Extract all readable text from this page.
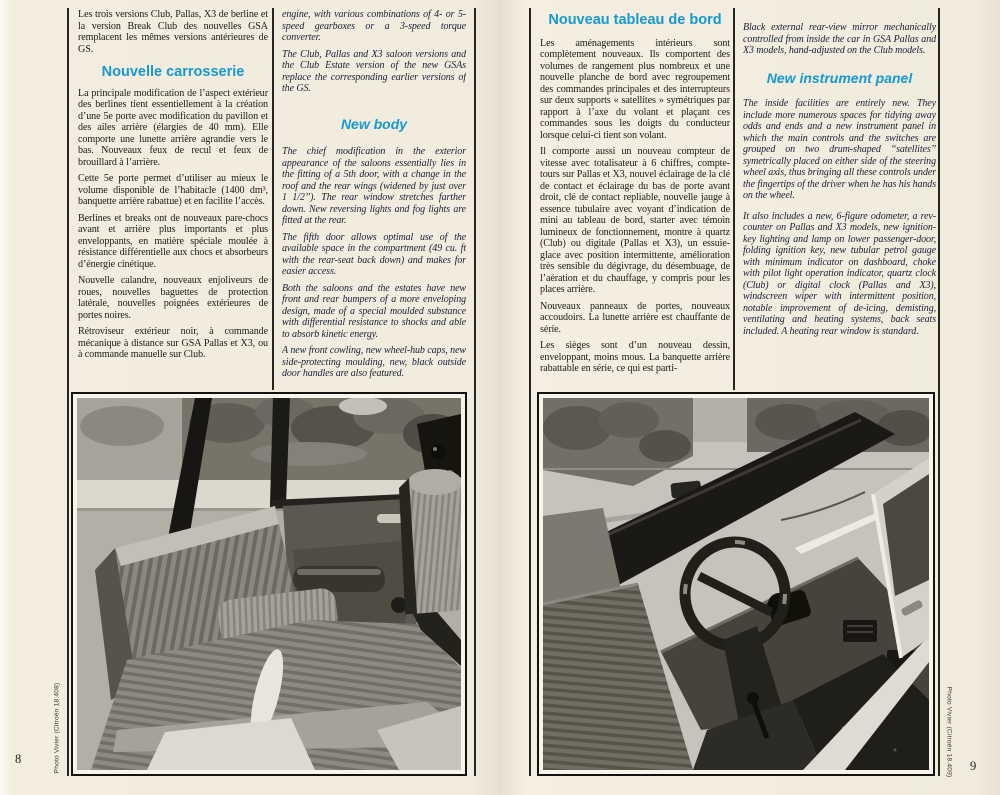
Les trois versions Club, Pallas, X3 de berline et la version Break Club des nouvelles GSA remplacent les mêmes versions antérieures de GS.

Nouvelle carrosserie

La principale modification de l’aspect extérieur des berlines tient essentiellement à la création d’une 5e porte avec modification du pavillon et des ailes arrière (élargies de 40 mm). Elle comporte une lunette arrière agrandie vers le bas. Nouveaux feux de recul et feux de brouillard à l’arrière.

Cette 5e porte permet d’utiliser au mieux le volume disponible de l’habitacle (1400 dm³, banquette arrière rabattue) et en facilite l’accès.

Berlines et breaks ont de nouveaux pare-chocs avant et arrière plus importants et plus enveloppants, en matière spéciale moulée à résistance différentielle aux chocs et absorbeurs d’énergie cinétique.

Nouvelle calandre, nouveaux enjoliveurs de roues, nouvelles baguettes de protection latérale, nouvelles poignées extérieures de portes noires.

Rétroviseur extérieur noir, à commande mécanique à distance sur GSA Pallas et X3, ou à commande manuelle sur Club.

engine, with various combinations of 4- or 5-speed gearboxes or a 3-speed torque converter.

The Club, Pallas and X3 saloon versions and the Club Estate version of the new GSAs replace the corresponding earlier versions of the GS.

New body

The chief modification in the exterior appearance of the saloons essentially lies in the fitting of a 5th door, with a change in the roof and the rear wings (widened by just over 1 1/2’’). The rear window stretches farther down. New reversing lights and fog lights are fitted at the rear.

The fifth door allows optimal use of the available space in the compartment (49 cu. ft with the rear-seat back down) and makes for easier access.

Both the saloons and the estates have new front and rear bumpers of a more enveloping design, made of a special moulded substance with differential resistance to shocks and able to absorb kinetic energy.

A new front cowling, new wheel-hub caps, new side-protecting moulding, new, black outside door handles are also featured.

Nouveau tableau de bord

Les aménagements intérieurs sont complètement nouveaux. Ils comportent des volumes de rangement plus nombreux et une nouvelle planche de bord avec regroupement des commandes principales et des interrupteurs sur deux supports « satellites » symétriques par rapport à l’axe du volant et plaçant ces commandes sous les doigts du conducteur lorsque celui-ci tient son volant.

Il comporte aussi un nouveau compteur de vitesse avec totalisateur à 6 chiffres, compte-tours sur Pallas et X3, nouvel éclairage de la clé de contact et éclairage du bas de porte avant droit, clé de contact repliable, nouvelle jauge à essence tubulaire avec voyant d’indication de mini au tableau de bord, starter avec témoin lumineux de fonctionnement, montre à quartz (Club) ou digitale (Pallas et X3), un essuie-glace avec position intermittente, amélioration très sensible du dégivrage, du désembuage, de l’aération et du chauffage, y compris pour les places arrière.

Nouveaux panneaux de portes, nouveaux accoudoirs. La lunette arrière est chauffante de série.

Les sièges sont d’un nouveau dessin, enveloppant, moins mous. La banquette arrière rabattable en série, ce qui est parti-

Black external rear-view mirror mechanically controlled from inside the car in GSA Pallas and X3 models, hand-adjusted on the Club models.

New instrument panel

The inside facilities are entirely new. They include more numerous spaces for tidying away odds and ends and a new instrument panel in which the main controls and the switches are grouped on two drum-shaped ‘‘satellites’’ symetrically placed on either side of the steering wheel axis, thus bringing all these controls under the fingertips of the driver when he has his hands on the wheel.

It also includes a new, 6-figure odometer, a rev-counter on Pallas and X3 models, new ignition-key lighting and lamp on lower passenger-door, folding ignition key, new tubular petrol gauge with minimum indicator on dashboard, choke with pilot light operation indicator, quartz clock (Club) or digital clock (Pallas and X3), windscreen wiper with intermittent position, notable improvement of de-icing, demisting, ventilating and heating systems, back seats included. A heating rear window is standard.

Photo Vivier (Citroën 18.408)	Photo Vivier (Citroën 18.409)
8	9
